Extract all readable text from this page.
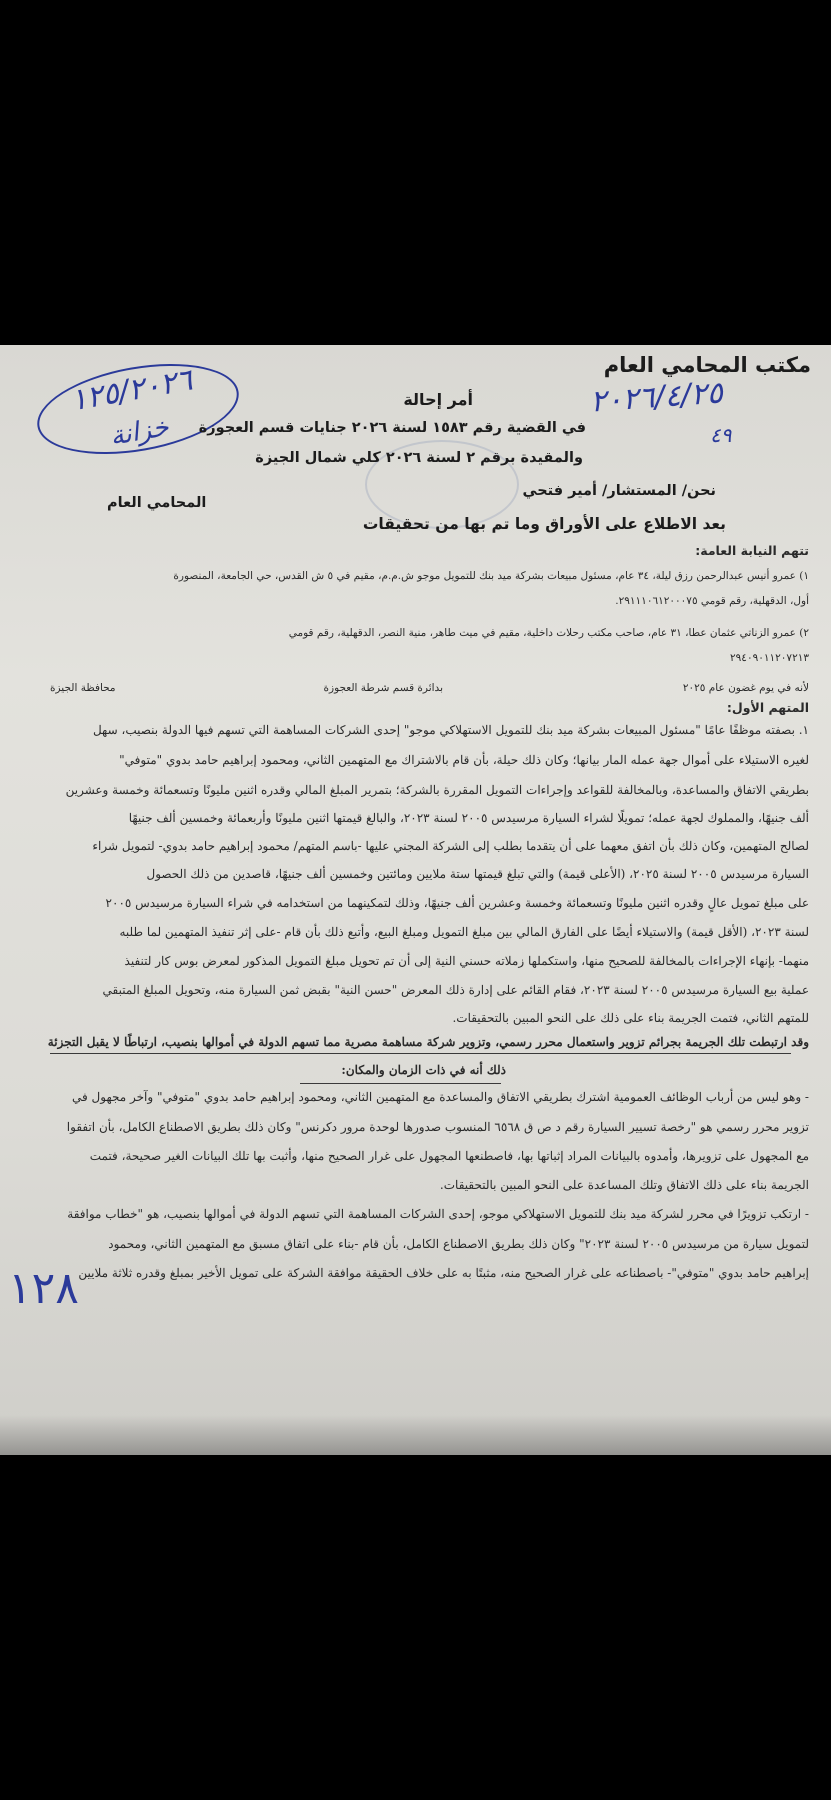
١٢٥/٢٠٢٦
خزانة
مكتب المحامي العام
٢٠٢٦/٤/٢٥
٤٩
أمر إحالة
في القضية رقم ١٥٨٣ لسنة ٢٠٢٦ جنايات قسم العجوزة
والمقيدة برقم ٢ لسنة ٢٠٢٦ كلي شمال الجيزة
نحن/ المستشار/ أمير فتحي
المحامي العام
بعد الاطلاع على الأوراق وما تم بها من تحقيقات
تتهم النيابة العامة:
١) عمرو أنيس عبدالرحمن رزق ليلة، ٣٤ عام، مسئول مبيعات بشركة ميد بنك للتمويل موجو ش.م.م، مقيم في ٥ ش القدس، حي الجامعة، المنصورة
أول، الدقهلية، رقم قومي ٢٩١١١٠٦١٢٠٠٠٧٥.
٢) عمرو الزناتي عثمان عطا، ٣١ عام، صاحب مكتب رحلات داخلية، مقيم في ميت طاهر، منية النصر، الدقهلية، رقم قومي
٢٩٤٠٩٠١١٢٠٧٢١٣
لأنه في يوم غضون عام ٢٠٢٥
بدائرة قسم شرطة العجوزة
محافظة الجيزة
المتهم الأول:
١. بصفته موظفًا عامًا "مسئول المبيعات بشركة ميد بنك للتمويل الاستهلاكي موجو" إحدى الشركات المساهمة التي تسهم فيها الدولة بنصيب، سهل
لغيره الاستيلاء على أموال جهة عمله المار بيانها؛ وكان ذلك حيلة، بأن قام بالاشتراك مع المتهمين الثاني، ومحمود إبراهيم حامد بدوي "متوفي"
بطريقي الاتفاق والمساعدة، وبالمخالفة للقواعد وإجراءات التمويل المقررة بالشركة؛ بتمرير المبلغ المالي وقدره اثنين مليونًا وتسعمائة وخمسة وعشرين
ألف جنيهًا، والمملوك لجهة عمله؛ تمويلًا لشراء السيارة مرسيدس ٢٠٠٥ لسنة ٢٠٢٣، والبالغ قيمتها اثنين مليونًا وأربعمائة وخمسين ألف جنيهًا
لصالح المتهمين، وكان ذلك بأن اتفق معهما على أن يتقدما بطلب إلى الشركة المجني عليها -باسم المتهم/ محمود إبراهيم حامد بدوي- لتمويل شراء
السيارة مرسيدس ٢٠٠٥ لسنة ٢٠٢٥، (الأعلى قيمة) والتي تبلغ قيمتها ستة ملايين ومائتين وخمسين ألف جنيهًا، قاصدين من ذلك الحصول
على مبلغ تمويل عالٍ وقدره اثنين مليونًا وتسعمائة وخمسة وعشرين ألف جنيهًا، وذلك لتمكينهما من استخدامه في شراء السيارة مرسيدس ٢٠٠٥
لسنة ٢٠٢٣، (الأقل قيمة) والاستيلاء أيضًا على الفارق المالي بين مبلغ التمويل ومبلغ البيع، وأتبع ذلك بأن قام -على إثر تنفيذ المتهمين لما طلبه
منهما- بإنهاء الإجراءات بالمخالفة للصحيح منها، واستكملها زملاته حسني النية إلى أن تم تحويل مبلغ التمويل المذكور لمعرض بوس كار لتنفيذ
عملية بيع السيارة مرسيدس ٢٠٠٥ لسنة ٢٠٢٣، فقام القائم على إدارة ذلك المعرض "حسن النية" بقبض ثمن السيارة منه، وتحويل المبلغ المتبقي
للمتهم الثاني، فتمت الجريمة بناء على ذلك على النحو المبين بالتحقيقات.
وقد ارتبطت تلك الجريمة بجرائم تزوير واستعمال محرر رسمي، وتزوير شركة مساهمة مصرية مما تسهم الدولة في أموالها بنصيب، ارتباطًا لا يقبل التجزئة
ذلك أنه في ذات الزمان والمكان:
- وهو ليس من أرباب الوظائف العمومية اشترك بطريقي الاتفاق والمساعدة مع المتهمين الثاني، ومحمود إبراهيم حامد بدوي "متوفي" وآخر مجهول في
تزوير محرر رسمي هو "رخصة تسيير السيارة رقم د ص ق ٦٥٦٨ المنسوب صدورها لوحدة مرور دكرنس" وكان ذلك بطريق الاصطناع الكامل، بأن اتفقوا
مع المجهول على تزويرها، وأمدوه بالبيانات المراد إثباتها بها، فاصطنعها المجهول على غرار الصحيح منها، وأثبت بها تلك البيانات الغير صحيحة، فتمت
الجريمة بناء على ذلك الاتفاق وتلك المساعدة على النحو المبين بالتحقيقات.
- ارتكب تزويرًا في محرر لشركة ميد بنك للتمويل الاستهلاكي موجو، إحدى الشركات المساهمة التي تسهم الدولة في أموالها بنصيب، هو "خطاب موافقة
لتمويل سيارة من مرسيدس ٢٠٠٥ لسنة ٢٠٢٣" وكان ذلك بطريق الاصطناع الكامل، بأن قام -بناء على اتفاق مسبق مع المتهمين الثاني، ومحمود
إبراهيم حامد بدوي "متوفي"- باصطناعه على غرار الصحيح منه، مثبتًا به على خلاف الحقيقة موافقة الشركة على تمويل الأخير بمبلغ وقدره ثلاثة ملايين
١٢٨
